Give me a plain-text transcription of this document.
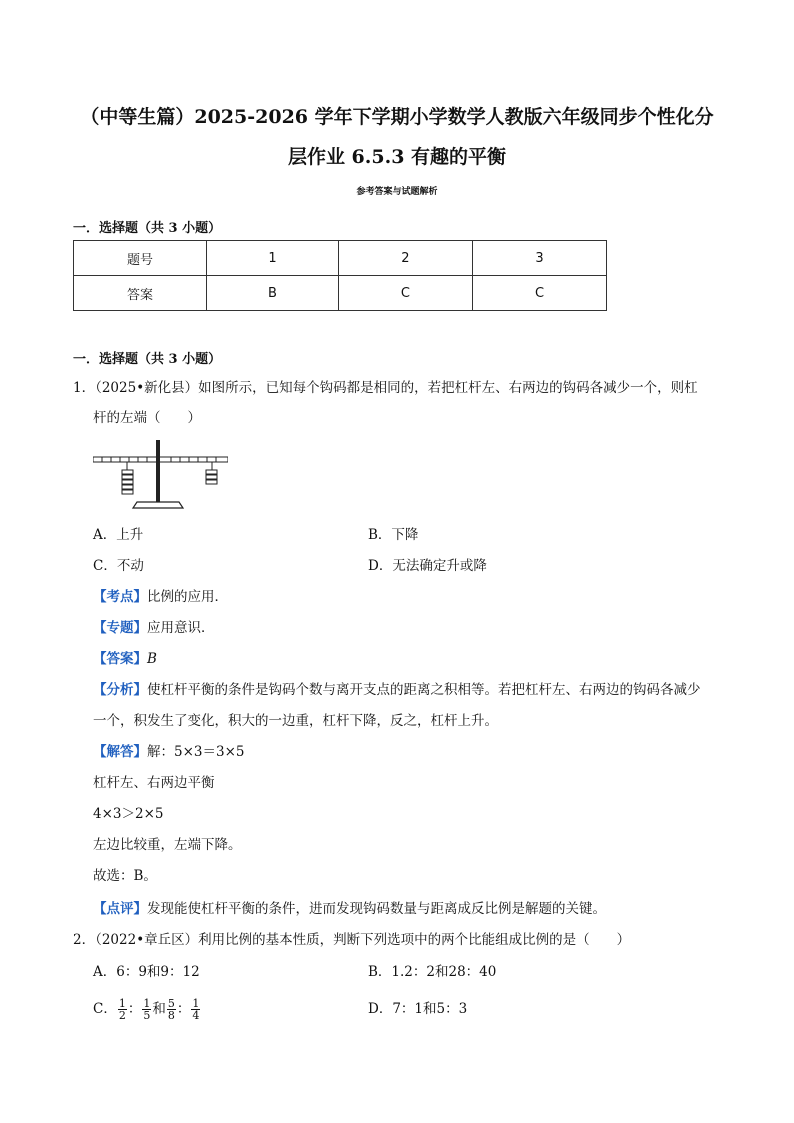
（中等生篇）2025-2026 学年下学期小学数学人教版六年级同步个性化分
层作业 6.5.3 有趣的平衡
参考答案与试题解析
一．选择题（共 3 小题）
题号	1	2	3
答案	B	C	C
一．选择题（共 3 小题）
1．（2025•新化县）如图所示，已知每个钩码都是相同的，若把杠杆左、右两边的钩码各减少一个，则杠
杆的左端（　　）
A．上升	B．下降
C．不动	D．无法确定升或降
【考点】比例的应用．
【专题】应用意识．
【答案】B
【分析】使杠杆平衡的条件是钩码个数与离开支点的距离之积相等。若把杠杆左、右两边的钩码各减少
一个，积发生了变化，积大的一边重，杠杆下降，反之，杠杆上升。
【解答】解：5×3＝3×5
杠杆左、右两边平衡
4×3＞2×5
左边比较重，左端下降。
故选：B。
【点评】发现能使杠杆平衡的条件，进而发现钩码数量与距离成反比例是解题的关键。
2．（2022•章丘区）利用比例的基本性质，判断下列选项中的两个比能组成比例的是（　　）
A．6：9和9：12	B．1.2：2和28：40
C． $\frac{1}{2}$ ： $\frac{1}{5}$ 和 $\frac{5}{8}$ ： $\frac{1}{4}$	D．7：1和5：3
